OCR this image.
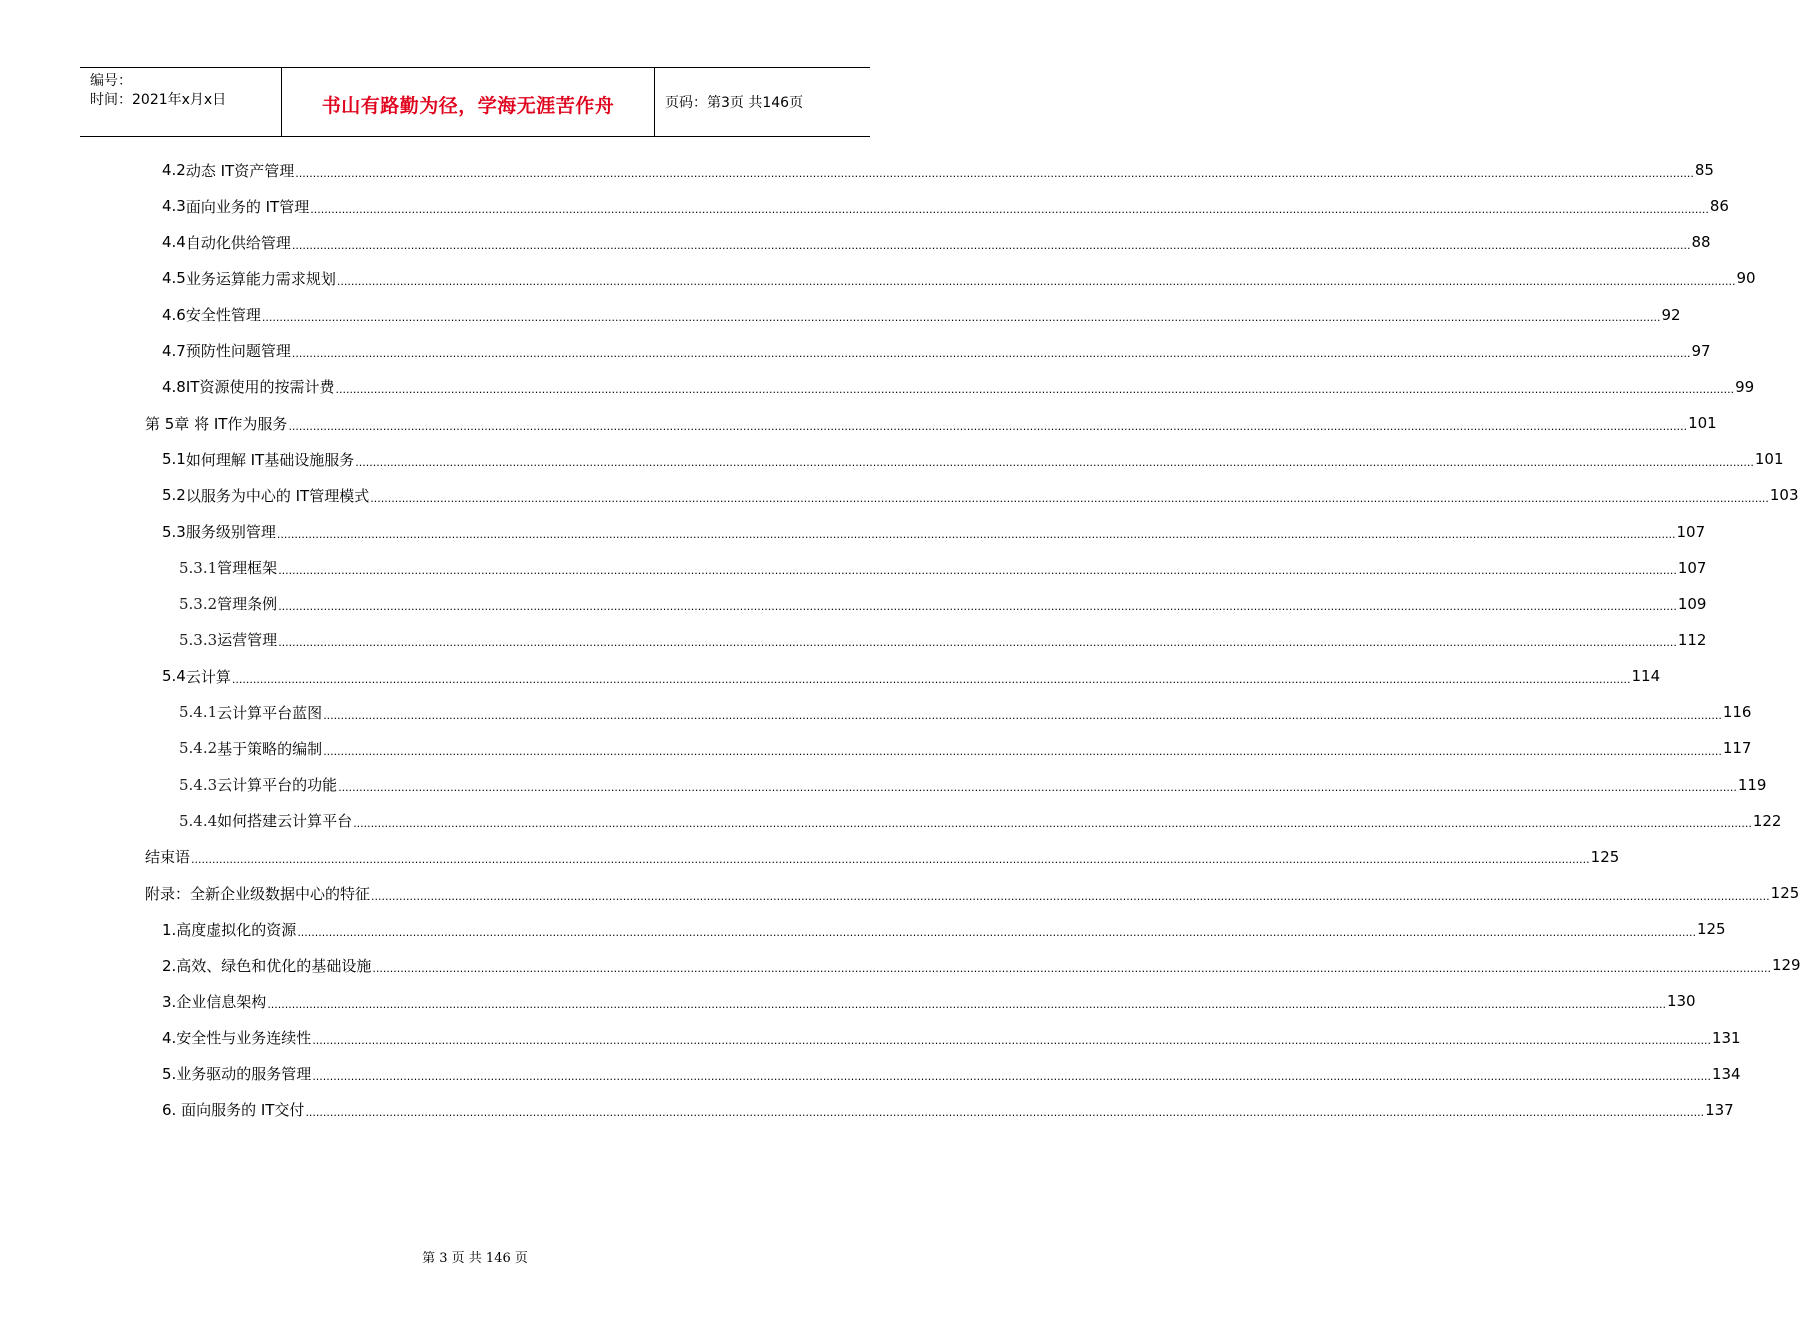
编号：
时间：2021年x月x日	书山有路勤为径，学海无涯苦作舟	页码：第3页 共146页
4.2 动态 IT资产管理 ................................................................................................................................................................................................................................................................................................................................................................................................................ 85
4.3 面向业务的 IT管理 ................................................................................................................................................................................................................................................................................................................................................................................................................ 86
4.4 自动化供给管理 ................................................................................................................................................................................................................................................................................................................................................................................................................ 88
4.5 业务运算能力需求规划 ................................................................................................................................................................................................................................................................................................................................................................................................................ 90
4.6 安全性管理 ................................................................................................................................................................................................................................................................................................................................................................................................................ 92
4.7 预防性问题管理 ................................................................................................................................................................................................................................................................................................................................................................................................................ 97
4.8 IT资源使用的按需计费 ................................................................................................................................................................................................................................................................................................................................................................................................................ 99
第 5章 将 IT作为服务 ................................................................................................................................................................................................................................................................................................................................................................................................................ 101
5.1 如何理解 IT基础设施服务 ................................................................................................................................................................................................................................................................................................................................................................................................................ 101
5.2 以服务为中心的 IT管理模式 ................................................................................................................................................................................................................................................................................................................................................................................................................ 103
5.3 服务级别管理 ................................................................................................................................................................................................................................................................................................................................................................................................................ 107
5.3.1 管理框架 ................................................................................................................................................................................................................................................................................................................................................................................................................ 107
5.3.2 管理条例 ................................................................................................................................................................................................................................................................................................................................................................................................................ 109
5.3.3 运营管理 ................................................................................................................................................................................................................................................................................................................................................................................................................ 112
5.4 云计算 ................................................................................................................................................................................................................................................................................................................................................................................................................ 114
5.4.1 云计算平台蓝图 ................................................................................................................................................................................................................................................................................................................................................................................................................ 116
5.4.2 基于策略的编制 ................................................................................................................................................................................................................................................................................................................................................................................................................ 117
5.4.3 云计算平台的功能 ................................................................................................................................................................................................................................................................................................................................................................................................................ 119
5.4.4 如何搭建云计算平台 ................................................................................................................................................................................................................................................................................................................................................................................................................ 122
结束语 ................................................................................................................................................................................................................................................................................................................................................................................................................ 125
附录：全新企业级数据中心的特征 ................................................................................................................................................................................................................................................................................................................................................................................................................ 125
1.高度虚拟化的资源 ................................................................................................................................................................................................................................................................................................................................................................................................................ 125
2.高效、绿色和优化的基础设施 ................................................................................................................................................................................................................................................................................................................................................................................................................ 129
3.企业信息架构 ................................................................................................................................................................................................................................................................................................................................................................................................................ 130
4.安全性与业务连续性 ................................................................................................................................................................................................................................................................................................................................................................................................................ 131
5.业务驱动的服务管理 ................................................................................................................................................................................................................................................................................................................................................................................................................ 134
6. 面向服务的 IT交付 ................................................................................................................................................................................................................................................................................................................................................................................................................ 137
第 3 页 共 146 页
